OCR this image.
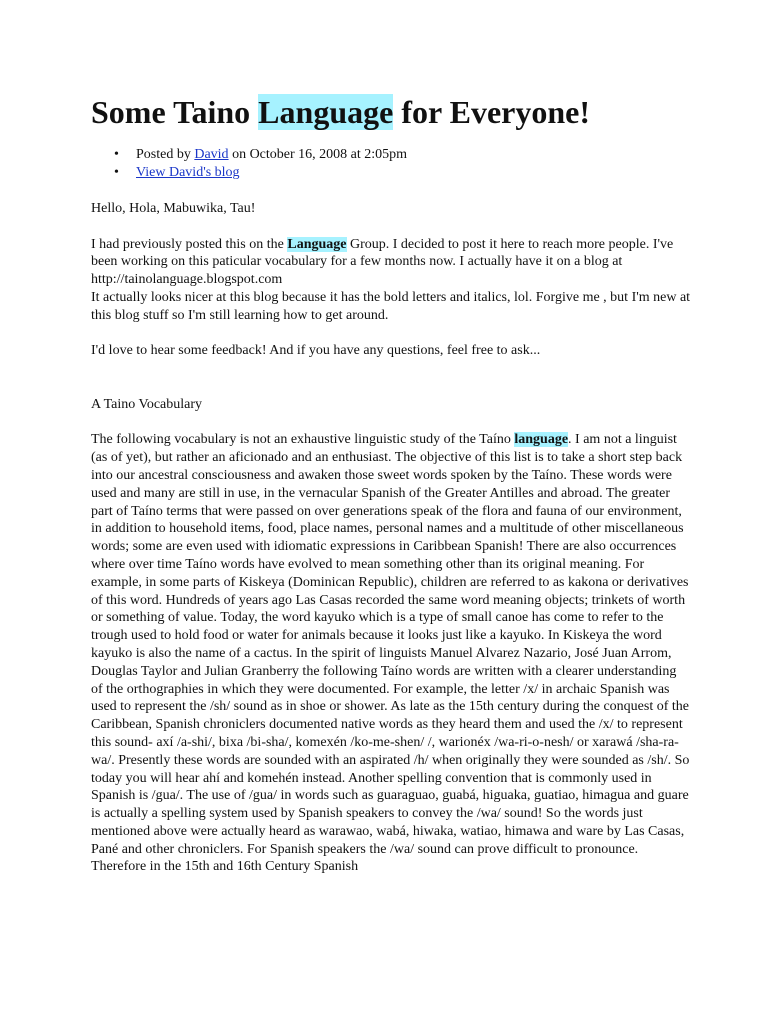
Some Taino Language for Everyone!
• Posted by David on October 16, 2008 at 2:05pm
• View David's blog

Hello, Hola, Mabuwika, Tau!

I had previously posted this on the Language Group. I decided to post it here to reach more people. I've been working on this paticular vocabulary for a few months now. I actually have it on a blog at http://tainolanguage.blogspot.com

It actually looks nicer at this blog because it has the bold letters and italics, lol. Forgive me , but I'm new at this blog stuff so I'm still learning how to get around.

I'd love to hear some feedback! And if you have any questions, feel free to ask...

A Taino Vocabulary

The following vocabulary is not an exhaustive linguistic study of the Taíno language. I am not a linguist (as of yet), but rather an aficionado and an enthusiast. The objective of this list is to take a short step back into our ancestral consciousness and awaken those sweet words spoken by the Taíno. These words were used and many are still in use, in the vernacular Spanish of the Greater Antilles and abroad. The greater part of Taíno terms that were passed on over generations speak of the flora and fauna of our environment, in addition to household items, food, place names, personal names and a multitude of other miscellaneous words; some are even used with idiomatic expressions in Caribbean Spanish! There are also occurrences where over time Taíno words have evolved to mean something other than its original meaning. For example, in some parts of Kiskeya (Dominican Republic), children are referred to as kakona or derivatives of this word. Hundreds of years ago Las Casas recorded the same word meaning objects; trinkets of worth or something of value. Today, the word kayuko which is a type of small canoe has come to refer to the trough used to hold food or water for animals because it looks just like a kayuko. In Kiskeya the word kayuko is also the name of a cactus. In the spirit of linguists Manuel Alvarez Nazario, José Juan Arrom, Douglas Taylor and Julian Granberry the following Taíno words are written with a clearer understanding of the orthographies in which they were documented. For example, the letter /x/ in archaic Spanish was used to represent the /sh/ sound as in shoe or shower. As late as the 15th century during the conquest of the Caribbean, Spanish chroniclers documented native words as they heard them and used the /x/ to represent this sound- axí /a-shi/, bixa /bi-sha/, komexén /ko-me-shen/ /, warionéx /wa-ri-o-nesh/ or xarawá /sha-ra-wa/. Presently these words are sounded with an aspirated /h/ when originally they were sounded as /sh/. So today you will hear ahí and komehén instead. Another spelling convention that is commonly used in Spanish is /gua/. The use of /gua/ in words such as guaraguao, guabá, higuaka, guatiao, himagua and guare is actually a spelling system used by Spanish speakers to convey the /wa/ sound! So the words just mentioned above were actually heard as warawao, wabá, hiwaka, watiao, himawa and ware by Las Casas, Pané and other chroniclers. For Spanish speakers the /wa/ sound can prove difficult to pronounce. Therefore in the 15th and 16th Century Spanish
